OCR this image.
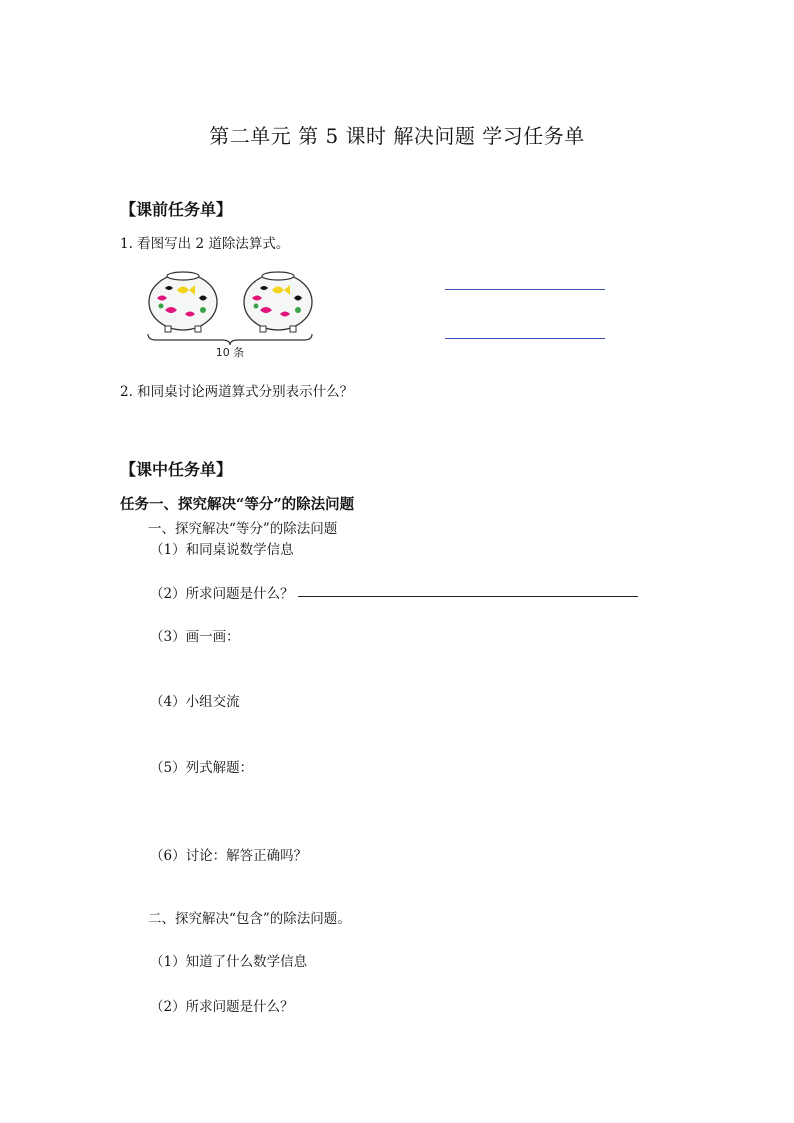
第二单元 第 5 课时 解决问题 学习任务单
【课前任务单】
1. 看图写出 2 道除法算式。
10 条
2. 和同桌讨论两道算式分别表示什么？
【课中任务单】
任务一、探究解决“等分”的除法问题
一、探究解决“等分”的除法问题
（1）和同桌说数学信息
（2）所求问题是什么？
（3）画一画：
（4）小组交流
（5）列式解题：
（6）讨论：解答正确吗？
二、探究解决“包含”的除法问题。
（1）知道了什么数学信息
（2）所求问题是什么？
